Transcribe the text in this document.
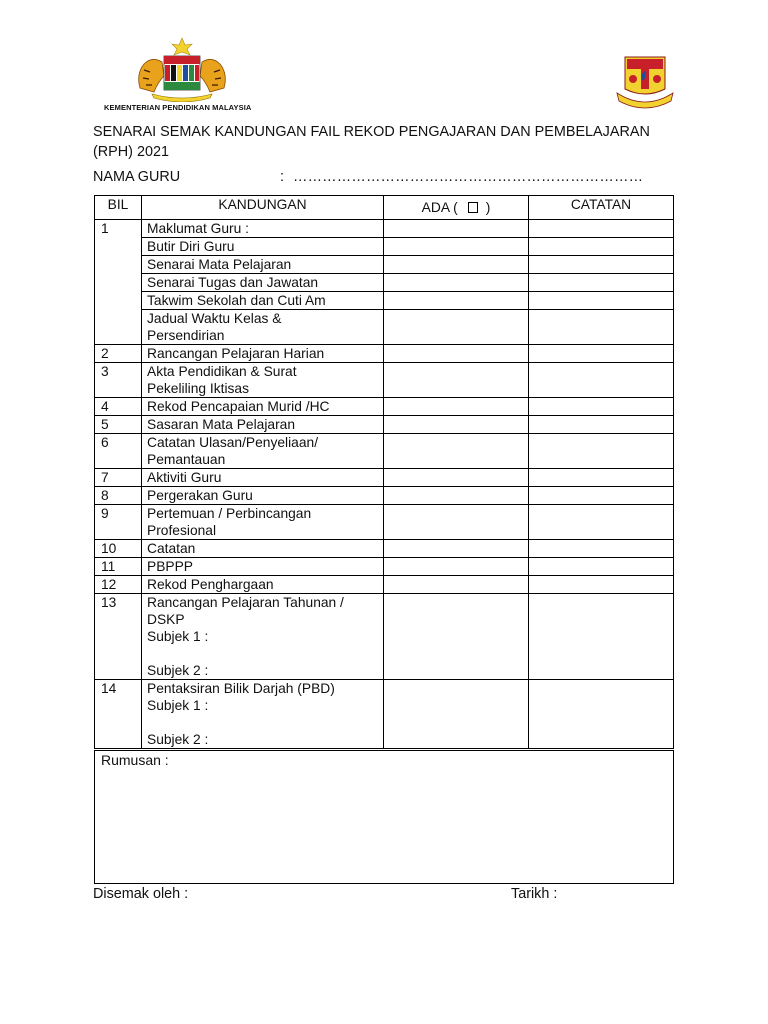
KEMENTERIAN PENDIDIKAN MALAYSIA
SENARAI SEMAK KANDUNGAN FAIL REKOD PENGAJARAN DAN PEMBELAJARAN (RPH) 2021
NAMA GURU	: ………………………………………………………………
BIL	KANDUNGAN	ADA ( )	CATATAN
1	Maklumat Guru :		

	Butir Diri Guru		

	Senarai Mata Pelajaran		

	Senarai Tugas dan Jawatan		

	Takwim Sekolah dan Cuti Am		

	Jadual Waktu Kelas &
Persendirian		

2	Rancangan Pelajaran Harian		

3	Akta Pendidikan & Surat
Pekeliling Iktisas		

4	Rekod Pencapaian Murid /HC		

5	Sasaran Mata Pelajaran		

6	Catatan Ulasan/Penyeliaan/
Pemantauan		

7	Aktiviti Guru		

8	Pergerakan Guru		

9	Pertemuan / Perbincangan
Profesional		

10	Catatan		

11	PBPPP		

12	Rekod Penghargaan		

13	Rancangan Pelajaran Tahunan /
DSKP
Subjek 1 :
Subjek 2 :		

14	Pentaksiran Bilik Darjah (PBD)
Subjek 1 :
Subjek 2 :		

Rumusan :
Disemak oleh :	Tarikh :
